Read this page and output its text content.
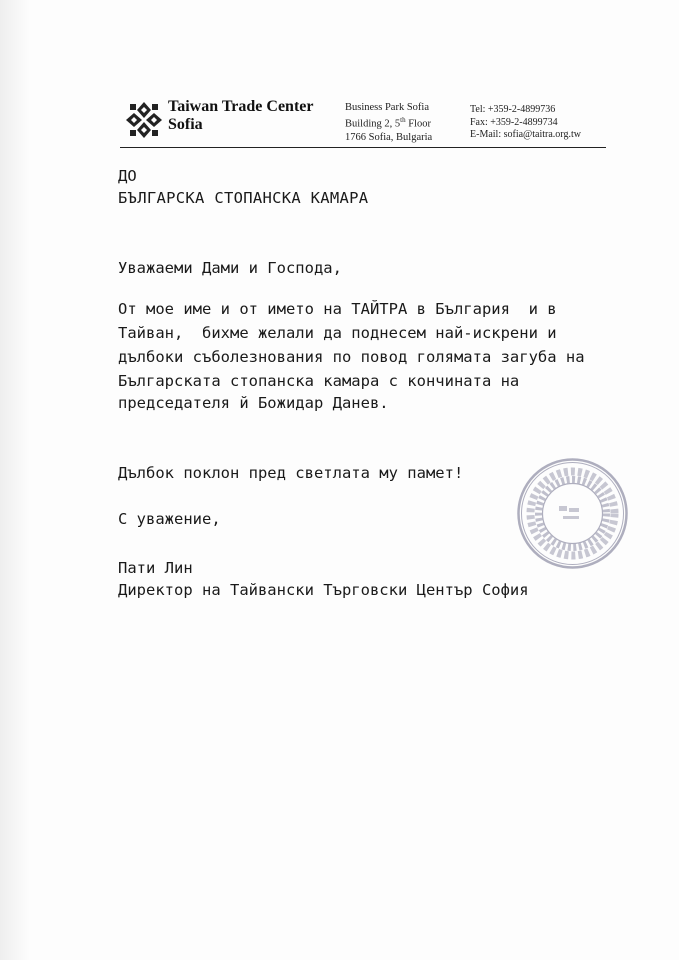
Taiwan Trade Center
Sofia
Business Park Sofia
Building 2, 5th Floor
1766 Sofia, Bulgaria
Tel: +359-2-4899736
Fax: +359-2-4899734
E-Mail: sofia@taitra.org.tw
ДО
БЪЛГАРСКА СТОПАНСКА КАМАРА
Уважаеми Дами и Господа,
От мое име и от името на ТАЙТРА в България  и в
Тайван,  бихме желали да поднесем най-искрени и
дълбоки съболезнования по повод голямата загуба на
Българската стопанска камара с кончината на
председателя й Божидар Данев.
Дълбок поклон пред светлата му памет!
С уважение,
Пати Лин
Директор на Тайвански Търговски Център София
